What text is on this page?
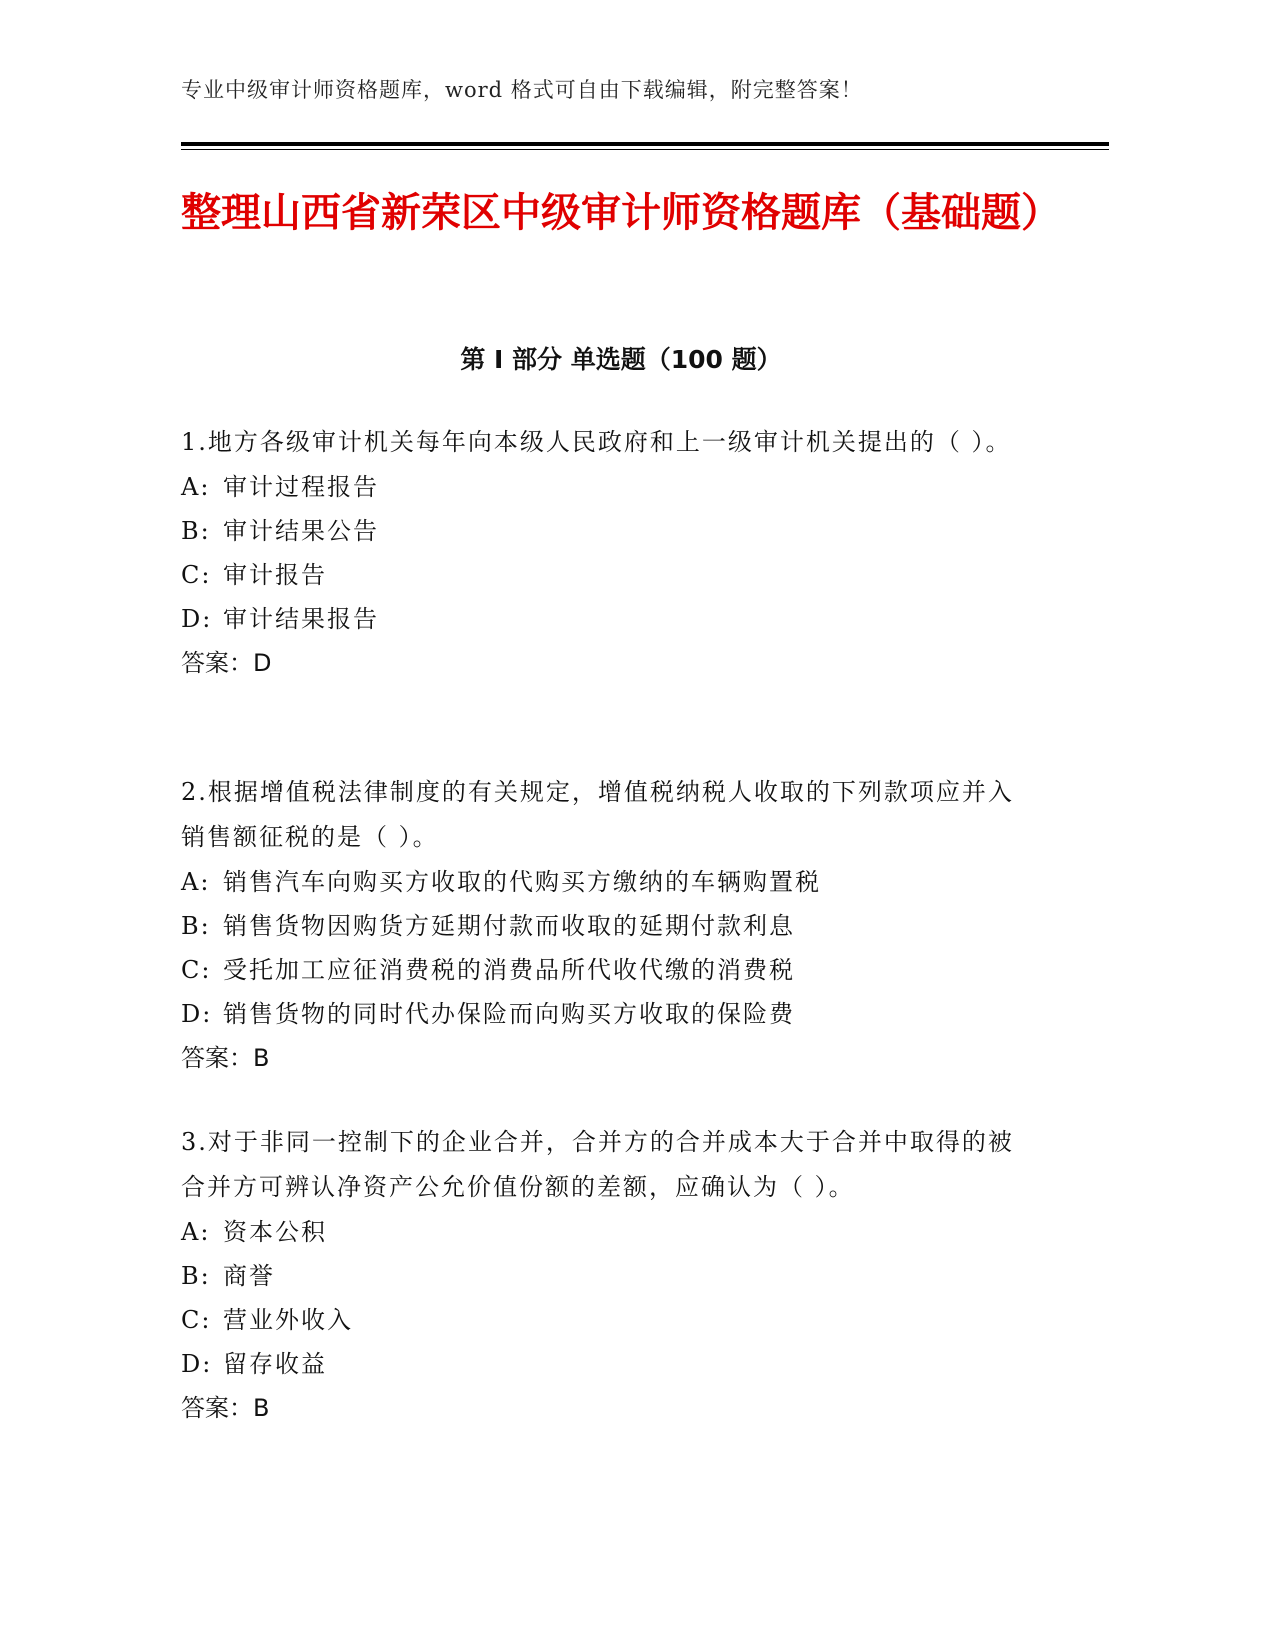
专业中级审计师资格题库，word 格式可自由下载编辑，附完整答案！
整理山西省新荣区中级审计师资格题库（基础题）
第 I 部分 单选题（100 题）

1.地方各级审计机关每年向本级人民政府和上一级审计机关提出的（ ）。

A: 审计过程报告

B: 审计结果公告

C: 审计报告

D: 审计结果报告

答案：D

2.根据增值税法律制度的有关规定，增值税纳税人收取的下列款项应并入销售额征税的是（ ）。

A: 销售汽车向购买方收取的代购买方缴纳的车辆购置税

B: 销售货物因购货方延期付款而收取的延期付款利息

C: 受托加工应征消费税的消费品所代收代缴的消费税

D: 销售货物的同时代办保险而向购买方收取的保险费

答案：B

3.对于非同一控制下的企业合并，合并方的合并成本大于合并中取得的被合并方可辨认净资产公允价值份额的差额，应确认为（ ）。

A: 资本公积

B: 商誉

C: 营业外收入

D: 留存收益

答案：B
